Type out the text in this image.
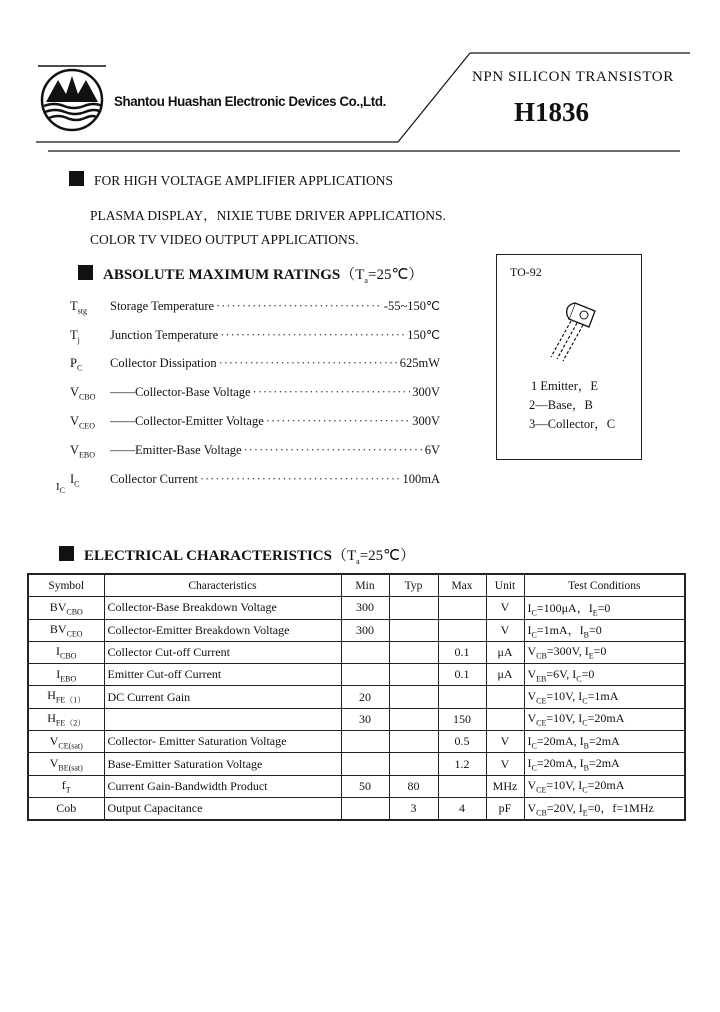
Shantou Huashan Electronic Devices Co.,Ltd.
NPN SILICON TRANSISTOR
H1836
FOR HIGH VOLTAGE AMPLIFIER APPLICATIONS
PLASMA DISPLAY，NIXIE TUBE DRIVER APPLICATIONS.
COLOR TV VIDEO OUTPUT APPLICATIONS.
ABSOLUTE MAXIMUM $RATINGS(T_a=25℃)$
$T_{stg}$	Storage Temperature ·····	-55~150℃
$T_j$	Junction Temperature ·····	150℃
$P_C$	Collector Dissipation ·····	625mW
$V_{CBO}$	——Collector-Base Voltage ·····	300V
$V_{CEO}$	——Collector-Emitter Voltage ·····	300V
$V_{EBO}$	——Emitter-Base Voltage ·····	6V
$I_C$	Collector Current ·····	100mA
$I_C$
TO-92
1 Emitter，E
2—Base，B
3—Collector，C
ELECTRICAL $CHARACTERISTICS(T_a=25℃)$
Symbol	Characteristics	Min	Typ	Max	Unit	Test Conditions
$BV_{CBO}$	Collector-Base Breakdown Voltage	300			V	$I_C=100\mu A$，$I_E=0$
$BV_{CEO}$	Collector-Emitter Breakdown Voltage	300			V	$I_C=1mA$，$I_B=0$
$I_{CBO}$	Collector Cut-off Current			0.1	μA	$V_{CB}=300V$, $I_E=0$
$I_{EBO}$	Emitter Cut-off Current			0.1	μA	$V_{EB}=6V$, $I_C=0$
$H_{FE(1)}$	DC Current Gain	20				$V_{CE}=10V$, $I_C=1mA$
$H_{FE(2)}$		30		150		$V_{CE}=10V$, $I_C=20mA$
$V_{CE(sat)}$	Collector- Emitter Saturation Voltage			0.5	V	$I_C=20mA$, $I_B=2mA$
$V_{BE(sat)}$	Base-Emitter Saturation Voltage			1.2	V	$I_C=20mA$, $I_B=2mA$
$f_T$	Current Gain-Bandwidth Product	50	80		MHz	$V_{CE}=10V$, $I_C=20mA$
Cob	Output Capacitance		3	4	pF	$V_{CB}=20V$, $I_E=0$，f=1MHz
